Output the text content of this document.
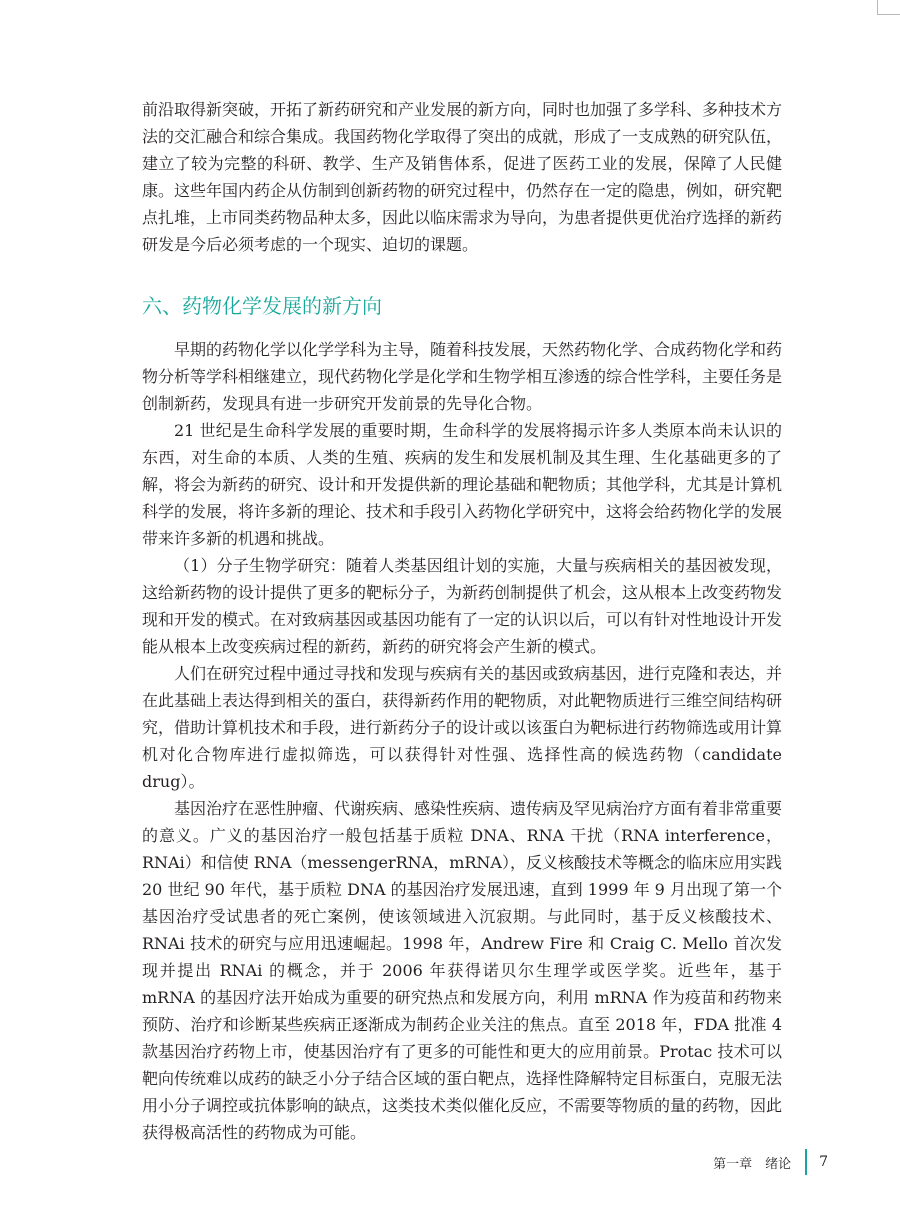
前沿取得新突破，开拓了新药研究和产业发展的新方向，同时也加强了多学科、多种技术方法的交汇融合和综合集成。我国药物化学取得了突出的成就，形成了一支成熟的研究队伍，建立了较为完整的科研、教学、生产及销售体系，促进了医药工业的发展，保障了人民健康。这些年国内药企从仿制到创新药物的研究过程中，仍然存在一定的隐患，例如，研究靶点扎堆，上市同类药物品种太多，因此以临床需求为导向，为患者提供更优治疗选择的新药研发是今后必须考虑的一个现实、迫切的课题。

六、药物化学发展的新方向

早期的药物化学以化学学科为主导，随着科技发展，天然药物化学、合成药物化学和药物分析等学科相继建立，现代药物化学是化学和生物学相互渗透的综合性学科，主要任务是创制新药，发现具有进一步研究开发前景的先导化合物。

21 世纪是生命科学发展的重要时期，生命科学的发展将揭示许多人类原本尚未认识的东西，对生命的本质、人类的生殖、疾病的发生和发展机制及其生理、生化基础更多的了解，将会为新药的研究、设计和开发提供新的理论基础和靶物质；其他学科，尤其是计算机科学的发展，将许多新的理论、技术和手段引入药物化学研究中，这将会给药物化学的发展带来许多新的机遇和挑战。

（1）分子生物学研究：随着人类基因组计划的实施，大量与疾病相关的基因被发现，这给新药物的设计提供了更多的靶标分子，为新药创制提供了机会，这从根本上改变药物发现和开发的模式。在对致病基因或基因功能有了一定的认识以后，可以有针对性地设计开发能从根本上改变疾病过程的新药，新药的研究将会产生新的模式。

人们在研究过程中通过寻找和发现与疾病有关的基因或致病基因，进行克隆和表达，并在此基础上表达得到相关的蛋白，获得新药作用的靶物质，对此靶物质进行三维空间结构研究，借助计算机技术和手段，进行新药分子的设计或以该蛋白为靶标进行药物筛选或用计算机对化合物库进行虚拟筛选，可以获得针对性强、选择性高的候选药物（candidate drug）。

基因治疗在恶性肿瘤、代谢疾病、感染性疾病、遗传病及罕见病治疗方面有着非常重要的意义。广义的基因治疗一般包括基于质粒 DNA、RNA 干扰（RNA interference，RNAi）和信使 RNA（messengerRNA，mRNA），反义核酸技术等概念的临床应用实践 20 世纪 90 年代，基于质粒 DNA 的基因治疗发展迅速，直到 1999 年 9 月出现了第一个基因治疗受试患者的死亡案例，使该领域进入沉寂期。与此同时，基于反义核酸技术、RNAi 技术的研究与应用迅速崛起。1998 年，Andrew Fire 和 Craig C. Mello 首次发现并提出 RNAi 的概念，并于 2006 年获得诺贝尔生理学或医学奖。近些年，基于 mRNA 的基因疗法开始成为重要的研究热点和发展方向，利用 mRNA 作为疫苗和药物来预防、治疗和诊断某些疾病正逐渐成为制药企业关注的焦点。直至 2018 年，FDA 批准 4 款基因治疗药物上市，使基因治疗有了更多的可能性和更大的应用前景。Protac 技术可以靶向传统难以成药的缺乏小分子结合区域的蛋白靶点，选择性降解特定目标蛋白，克服无法用小分子调控或抗体影响的缺点，这类技术类似催化反应，不需要等物质的量的药物，因此获得极高活性的药物成为可能。

第一章　绪论 7
